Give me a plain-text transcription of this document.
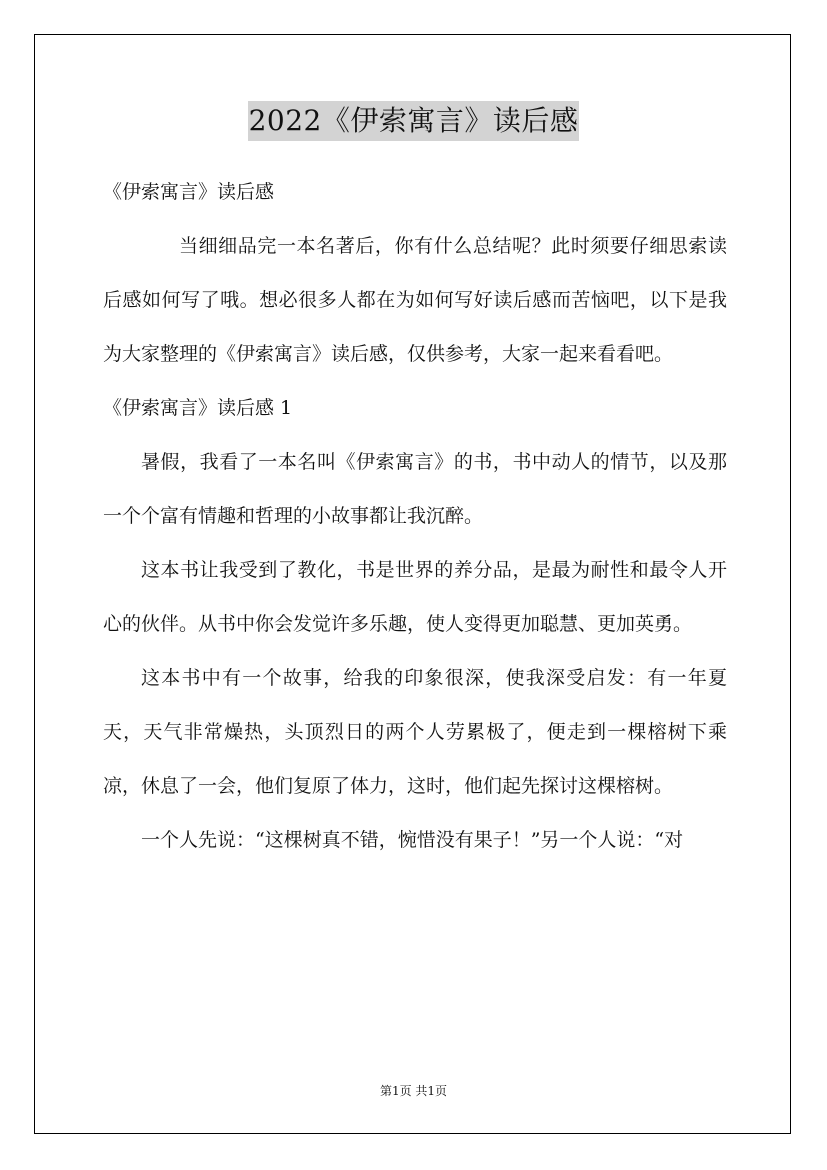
2022《伊索寓言》读后感

《伊索寓言》读后感

当细细品完一本名著后，你有什么总结呢？此时须要仔细思索读后感如何写了哦。想必很多人都在为如何写好读后感而苦恼吧，以下是我为大家整理的《伊索寓言》读后感，仅供参考，大家一起来看看吧。

《伊索寓言》读后感 1

暑假，我看了一本名叫《伊索寓言》的书，书中动人的情节，以及那一个个富有情趣和哲理的小故事都让我沉醉。

这本书让我受到了教化，书是世界的养分品，是最为耐性和最令人开心的伙伴。从书中你会发觉许多乐趣，使人变得更加聪慧、更加英勇。

这本书中有一个故事，给我的印象很深，使我深受启发：有一年夏天，天气非常燥热，头顶烈日的两个人劳累极了，便走到一棵榕树下乘凉，休息了一会，他们复原了体力，这时，他们起先探讨这棵榕树。

一个人先说：“这棵树真不错，惋惜没有果子！”另一个人说：“对

第1页 共1页
